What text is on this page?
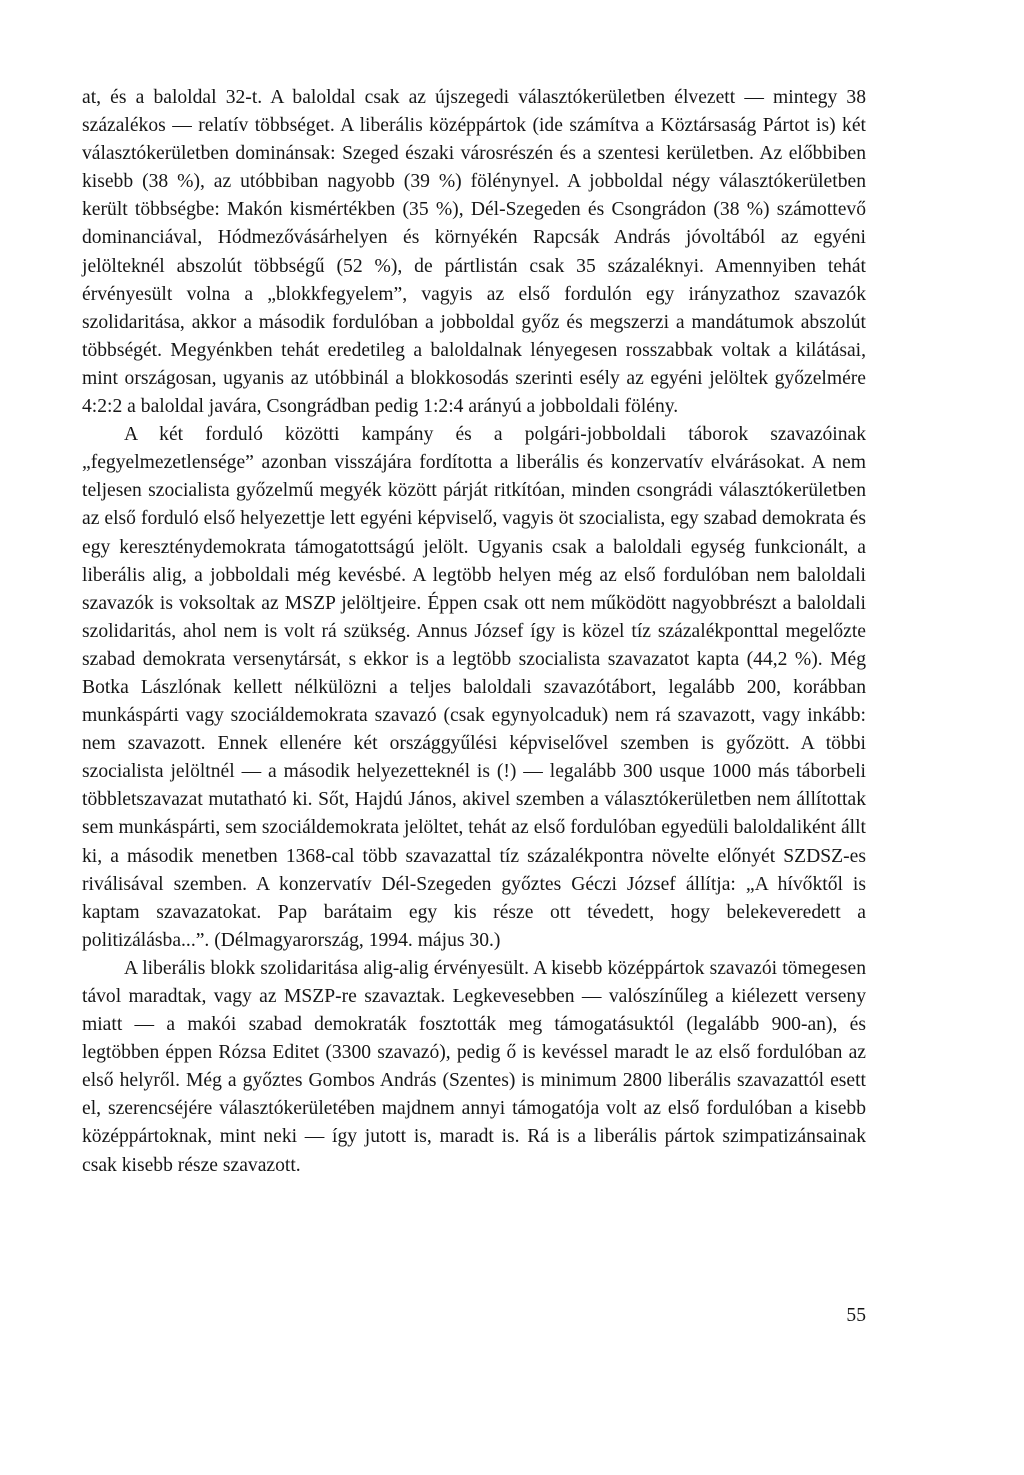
at, és a baloldal 32-t. A baloldal csak az újszegedi választókerületben élvezett — mintegy 38 százalékos — relatív többséget. A liberális középpártok (ide számítva a Köztársaság Pártot is) két választókerületben dominánsak: Szeged északi városrészén és a szentesi kerületben. Az előbbiben kisebb (38 %), az utóbbiban nagyobb (39 %) fölénynyel. A jobboldal négy választókerületben került többségbe: Makón kismértékben (35 %), Dél-Szegeden és Csongrádon (38 %) számottevő dominanciával, Hódmezővásárhelyen és környékén Rapcsák András jóvoltából az egyéni jelölteknél abszolút többségű (52 %), de pártlistán csak 35 százaléknyi. Amennyiben tehát érvényesült volna a „blokkfegyelem”, vagyis az első fordulón egy irányzathoz szavazók szolidaritása, akkor a második fordulóban a jobboldal győz és megszerzi a mandátumok abszolút többségét. Megyénkben tehát eredetileg a baloldalnak lényegesen rosszabbak voltak a kilátásai, mint országosan, ugyanis az utóbbinál a blokkosodás szerinti esély az egyéni jelöltek győzelmére 4:2:2 a baloldal javára, Csongrádban pedig 1:2:4 arányú a jobboldali fölény.

A két forduló közötti kampány és a polgári-jobboldali táborok szavazóinak „fegyelmezetlensége” azonban visszájára fordította a liberális és konzervatív elvárásokat. A nem teljesen szocialista győzelmű megyék között párját ritkítóan, minden csongrádi választókerületben az első forduló első helyezettje lett egyéni képviselő, vagyis öt szocialista, egy szabad demokrata és egy kereszténydemokrata támogatottságú jelölt. Ugyanis csak a baloldali egység funkcionált, a liberális alig, a jobboldali még kevésbé. A legtöbb helyen még az első fordulóban nem baloldali szavazók is voksoltak az MSZP jelöltjeire. Éppen csak ott nem működött nagyobbrészt a baloldali szolidaritás, ahol nem is volt rá szükség. Annus József így is közel tíz százalékponttal megelőzte szabad demokrata versenytársát, s ekkor is a legtöbb szocialista szavazatot kapta (44,2 %). Még Botka Lászlónak kellett nélkülözni a teljes baloldali szavazótábort, legalább 200, korábban munkáspárti vagy szociáldemokrata szavazó (csak egynyolcaduk) nem rá szavazott, vagy inkább: nem szavazott. Ennek ellenére két országgyűlési képviselővel szemben is győzött. A többi szocialista jelöltnél — a második helyezetteknél is (!) — legalább 300 usque 1000 más táborbeli többletszavazat mutatható ki. Sőt, Hajdú János, akivel szemben a választókerületben nem állítottak sem munkáspárti, sem szociáldemokrata jelöltet, tehát az első fordulóban egyedüli baloldaliként állt ki, a második menetben 1368-cal több szavazattal tíz százalékpontra növelte előnyét SZDSZ-es riválisával szemben. A konzervatív Dél-Szegeden győztes Géczi József állítja: „A hívőktől is kaptam szavazatokat. Pap barátaim egy kis része ott tévedett, hogy belekeveredett a politizálásba...”. (Délmagyarország, 1994. május 30.)

A liberális blokk szolidaritása alig-alig érvényesült. A kisebb középpártok szavazói tömegesen távol maradtak, vagy az MSZP-re szavaztak. Legkevesebben — valószínűleg a kiélezett verseny miatt — a makói szabad demokraták fosztották meg támogatásuktól (legalább 900-an), és legtöbben éppen Rózsa Editet (3300 szavazó), pedig ő is kevéssel maradt le az első fordulóban az első helyről. Még a győztes Gombos András (Szentes) is minimum 2800 liberális szavazattól esett el, szerencséjére választókerületében majdnem annyi támogatója volt az első fordulóban a kisebb középpártoknak, mint neki — így jutott is, maradt is. Rá is a liberális pártok szimpatizánsainak csak kisebb része szavazott.

55
